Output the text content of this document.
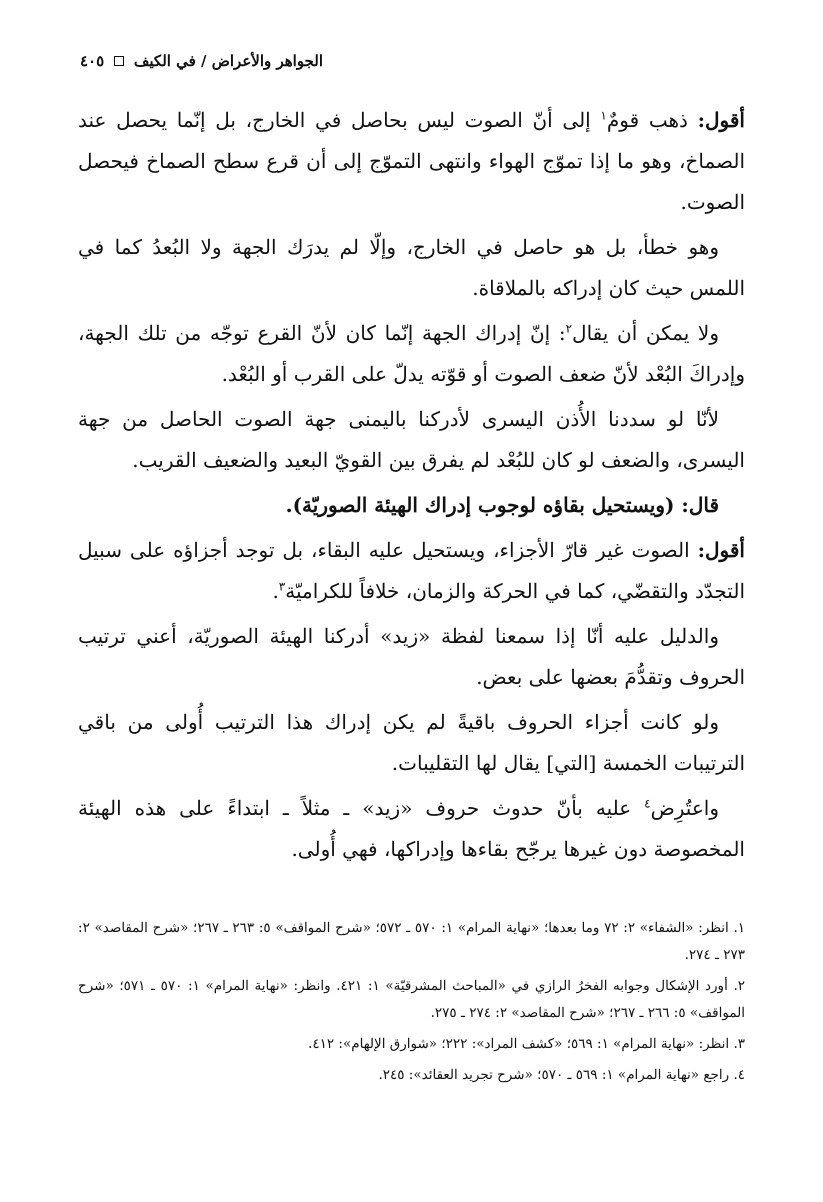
الجواهر والأعراض / في الكيف
٤٠٥

أقول: ذهب قومٌ$^١$ إلى أنّ الصوت ليس بحاصل في الخارج، بل إنّما يحصل عند الصماخ، وهو ما إذا تموّج الهواء وانتهى التموّج إلى أن قرع سطح الصماخ فيحصل الصوت.

وهو خطأ، بل هو حاصل في الخارج، وإلّا لم يدرَك الجهة ولا البُعدُ كما في اللمس حيث كان إدراكه بالملاقاة.

ولا يمكن أن يقال$^٢$: إنّ إدراك الجهة إنّما كان لأنّ القرع توجّه من تلك الجهة، وإدراكَ البُعْد لأنّ ضعف الصوت أو قوّته يدلّ على القرب أو البُعْد.

لأنّا لو سددنا الأُذن اليسرى لأدركنا باليمنى جهة الصوت الحاصل من جهة اليسرى، والضعف لو كان للبُعْد لم يفرق بين القويّ البعيد والضعيف القريب.

قال: (ويستحيل بقاؤه لوجوب إدراك الهيئة الصوريّة).

أقول: الصوت غير قارّ الأجزاء، ويستحيل عليه البقاء، بل توجد أجزاؤه على سبيل التجدّد والتقضّي، كما في الحركة والزمان، خلافاً للكراميّة$^٣$.

والدليل عليه أنّا إذا سمعنا لفظة «زيد» أدركنا الهيئة الصوريّة، أعني ترتيب الحروف وتقدُّمَ بعضها على بعض.

ولو كانت أجزاء الحروف باقيةً لم يكن إدراك هذا الترتيب أُولى من باقي الترتيبات الخمسة [التي] يقال لها التقليبات.

واعتُرِض$^٤$ عليه بأنّ حدوث حروف «زيد» ـ مثلاً ـ ابتداءً على هذه الهيئة المخصوصة دون غيرها يرجّح بقاءها وإدراكها، فهي أُولى.

١. انظر: «الشفاء» ٢: ٧٢ وما بعدها؛ «نهاية المرام» ١: ٥٧٠ ـ ٥٧٢؛ «شرح المواقف» ٥: ٢٦٣ ـ ٢٦٧؛ «شرح المقاصد» ٢: ٢٧٣ ـ ٢٧٤.

٢. أورد الإشكال وجوابه الفخرُ الرازي في «المباحث المشرقيّة» ١: ٤٢١. وانظر: «نهاية المرام» ١: ٥٧٠ ـ ٥٧١؛ «شرح المواقف» ٥: ٢٦٦ ـ ٢٦٧؛ «شرح المقاصد» ٢: ٢٧٤ ـ ٢٧٥.

٣. انظر: «نهاية المرام» ١: ٥٦٩؛ «كشف المراد»: ٢٢٢؛ «شوارق الإلهام»: ٤١٢.

٤. راجع «نهاية المرام» ١: ٥٦٩ ـ ٥٧٠؛ «شرح تجريد العقائد»: ٢٤٥.
